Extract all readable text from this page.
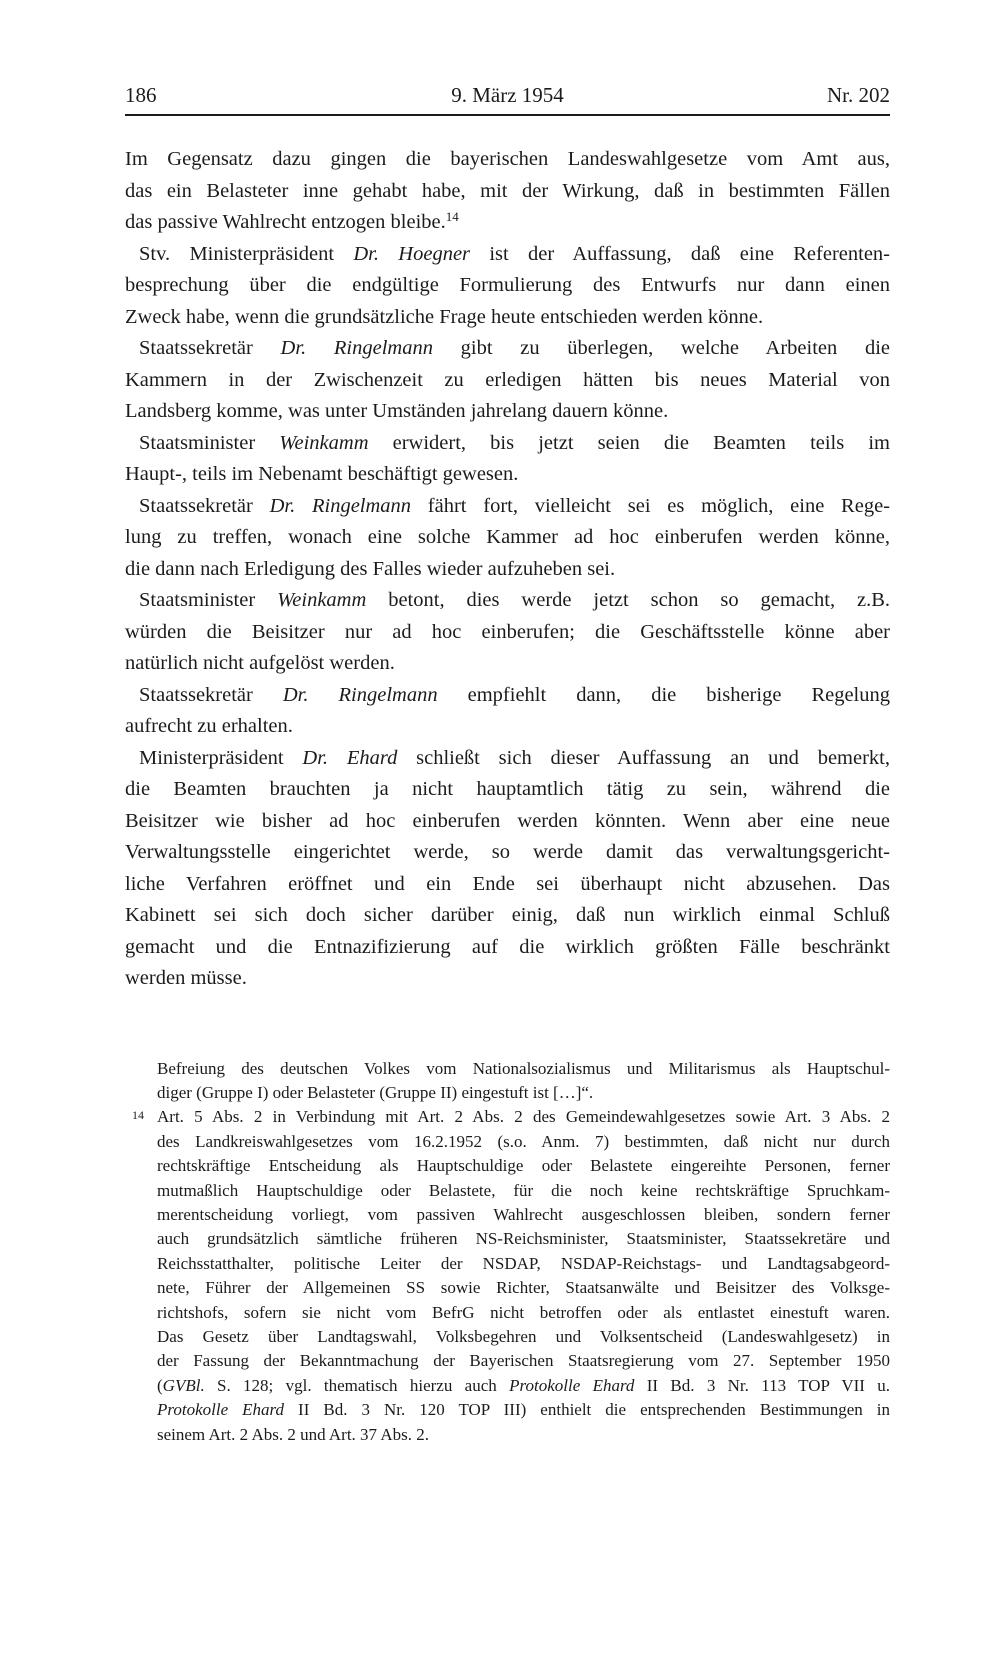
186	9. März 1954	Nr. 202
Im Gegensatz dazu gingen die bayerischen Landeswahlgesetze vom Amt aus,
das ein Belasteter inne gehabt habe, mit der Wirkung, daß in bestimmten Fällen
das passive Wahlrecht entzogen bleibe.$^{14}$
Stv. Ministerpräsident Dr. Hoegner ist der Auffassung, daß eine Referenten-
besprechung über die endgültige Formulierung des Entwurfs nur dann einen
Zweck habe, wenn die grundsätzliche Frage heute entschieden werden könne.
Staatssekretär Dr. Ringelmann gibt zu überlegen, welche Arbeiten die
Kammern in der Zwischenzeit zu erledigen hätten bis neues Material von
Landsberg komme, was unter Umständen jahrelang dauern könne.
Staatsminister Weinkamm erwidert, bis jetzt seien die Beamten teils im
Haupt-, teils im Nebenamt beschäftigt gewesen.
Staatssekretär Dr. Ringelmann fährt fort, vielleicht sei es möglich, eine Rege-
lung zu treffen, wonach eine solche Kammer ad hoc einberufen werden könne,
die dann nach Erledigung des Falles wieder aufzuheben sei.
Staatsminister Weinkamm betont, dies werde jetzt schon so gemacht, z.B.
würden die Beisitzer nur ad hoc einberufen; die Geschäftsstelle könne aber
natürlich nicht aufgelöst werden.
Staatssekretär Dr. Ringelmann empfiehlt dann, die bisherige Regelung
aufrecht zu erhalten.
Ministerpräsident Dr. Ehard schließt sich dieser Auffassung an und bemerkt,
die Beamten brauchten ja nicht hauptamtlich tätig zu sein, während die
Beisitzer wie bisher ad hoc einberufen werden könnten. Wenn aber eine neue
Verwaltungsstelle eingerichtet werde, so werde damit das verwaltungsgericht-
liche Verfahren eröffnet und ein Ende sei überhaupt nicht abzusehen. Das
Kabinett sei sich doch sicher darüber einig, daß nun wirklich einmal Schluß
gemacht und die Entnazifizierung auf die wirklich größten Fälle beschränkt
werden müsse.
Befreiung des deutschen Volkes vom Nationalsozialismus und Militarismus als Hauptschul-
diger (Gruppe I) oder Belasteter (Gruppe II) eingestuft ist […]“.
14 Art. 5 Abs. 2 in Verbindung mit Art. 2 Abs. 2 des Gemeindewahlgesetzes sowie Art. 3 Abs. 2
des Landkreiswahlgesetzes vom 16.2.1952 (s.o. Anm. 7) bestimmten, daß nicht nur durch
rechtskräftige Entscheidung als Hauptschuldige oder Belastete eingereihte Personen, ferner
mutmaßlich Hauptschuldige oder Belastete, für die noch keine rechtskräftige Spruchkam-
merentscheidung vorliegt, vom passiven Wahlrecht ausgeschlossen bleiben, sondern ferner
auch grundsätzlich sämtliche früheren NS-Reichsminister, Staatsminister, Staatssekretäre und
Reichsstatthalter, politische Leiter der NSDAP, NSDAP-Reichstags- und Landtagsabgeord-
nete, Führer der Allgemeinen SS sowie Richter, Staatsanwälte und Beisitzer des Volksge-
richtshofs, sofern sie nicht vom BefrG nicht betroffen oder als entlastet einestuft waren.
Das Gesetz über Landtagswahl, Volksbegehren und Volksentscheid (Landeswahlgesetz) in
der Fassung der Bekanntmachung der Bayerischen Staatsregierung vom 27. September 1950
(GVBl. S. 128; vgl. thematisch hierzu auch Protokolle Ehard II Bd. 3 Nr. 113 TOP VII u.
Protokolle Ehard II Bd. 3 Nr. 120 TOP III) enthielt die entsprechenden Bestimmungen in
seinem Art. 2 Abs. 2 und Art. 37 Abs. 2.
